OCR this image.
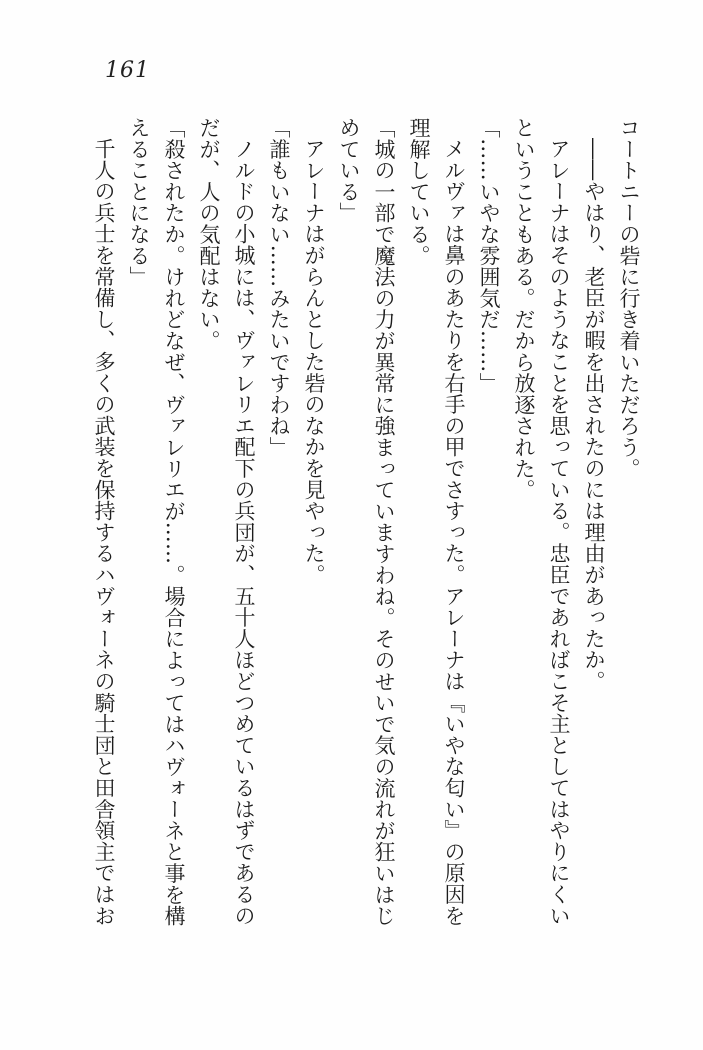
161

コートニーの砦に行き着いただろう。

――やはり、老臣が暇を出されたのには理由があったか。

アレーナはそのようなことを思っている。忠臣であればこそ主としてはやりにくい

ということもある。だから放逐された。

「……いやな雰囲気だ……」

メルヴァは鼻のあたりを右手の甲でさすった。アレーナは『いやな匂い』の原因を

理解している。

「城の一部で魔法の力が異常に強まっていますわね。そのせいで気の流れが狂いはじ

めている」

アレーナはがらんとした砦のなかを見やった。

「誰もいない……みたいですわね」

ノルドの小城には、ヴァレリエ配下の兵団が、五十人ほどつめているはずであるの

だが、人の気配はない。

「殺されたか。けれどなぜ、ヴァレリエが……。場合によってはハヴォーネと事を構

えることになる」

千人の兵士を常備し、多くの武装を保持するハヴォーネの騎士団と田舎領主ではお
